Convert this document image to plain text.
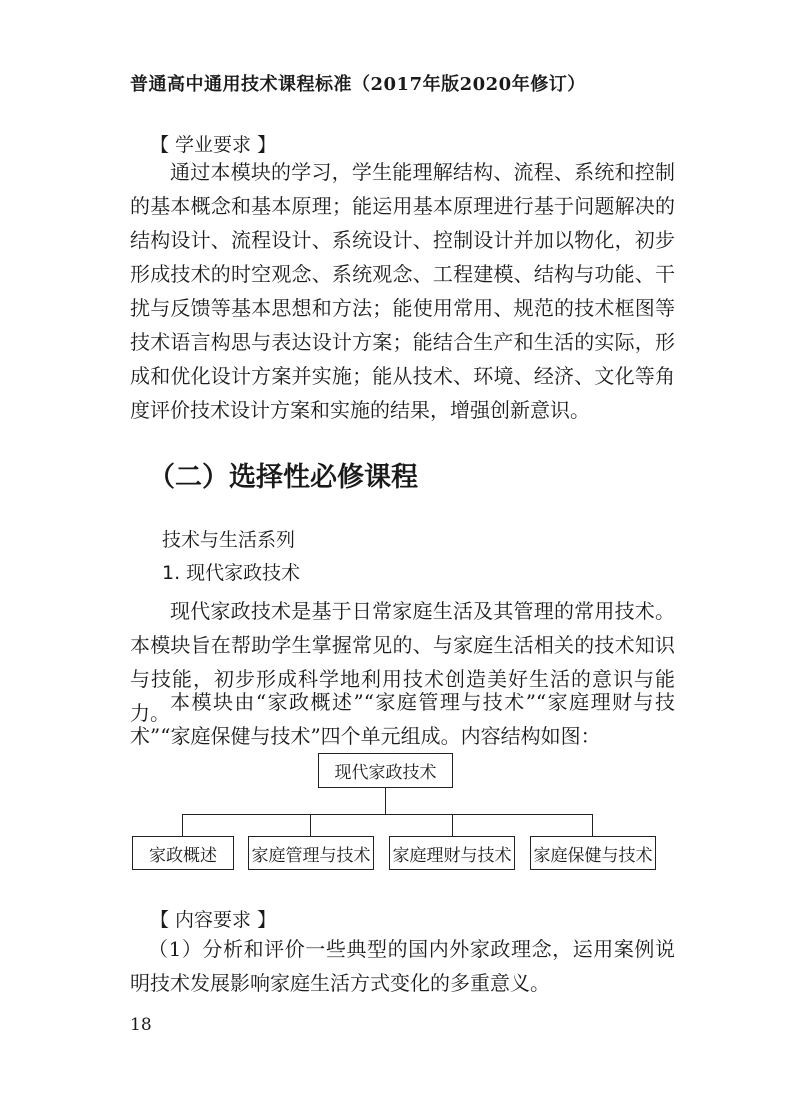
普通高中通用技术课程标准（2017年版2020年修订）
【 学业要求 】

通过本模块的学习，学生能理解结构、流程、系统和控制的基本概念和基本原理；能运用基本原理进行基于问题解决的结构设计、流程设计、系统设计、控制设计并加以物化，初步形成技术的时空观念、系统观念、工程建模、结构与功能、干扰与反馈等基本思想和方法；能使用常用、规范的技术框图等技术语言构思与表达设计方案；能结合生产和生活的实际，形成和优化设计方案并实施；能从技术、环境、经济、文化等角度评价技术设计方案和实施的结果，增强创新意识。

（二）选择性必修课程
技术与生活系列
1. 现代家政技术

现代家政技术是基于日常家庭生活及其管理的常用技术。本模块旨在帮助学生掌握常见的、与家庭生活相关的技术知识与技能，初步形成科学地利用技术创造美好生活的意识与能力。 本模块由“家政概述”“家庭管理与技术”“家庭理财与技术”“家庭保健与技术”四个单元组成。内容结构如图：

现代家政技术
家政概述	家庭管理与技术 家庭理财与技术 家庭保健与技术
【 内容要求 】

（1）分析和评价一些典型的国内外家政理念，运用案例说明技术发展影响家庭生活方式变化的多重意义。

18
